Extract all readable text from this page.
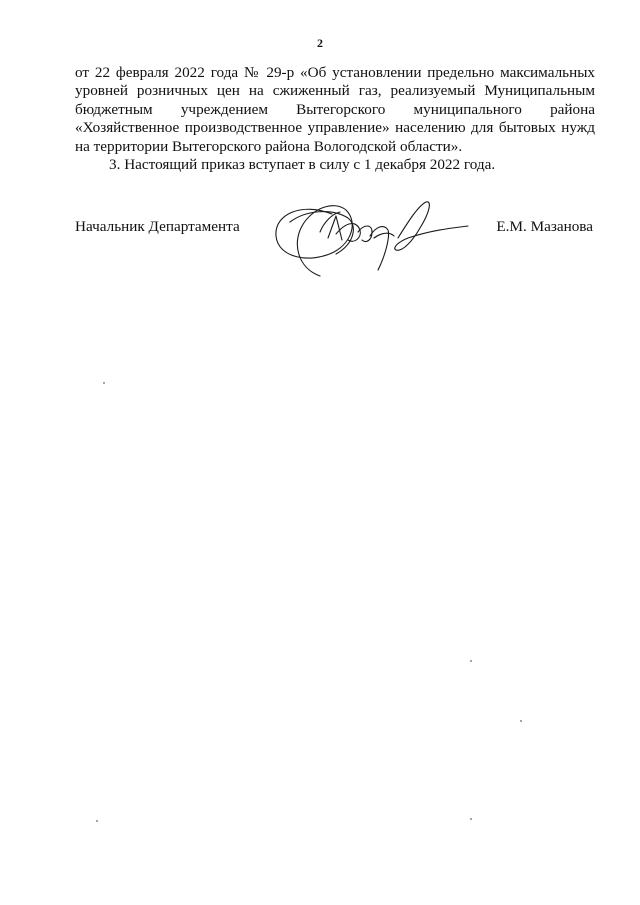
2
от 22 февраля 2022 года № 29-р «Об установлении предельно максимальных
уровней розничных цен на сжиженный газ, реализуемый Муниципальным
бюджетным учреждением Вытегорского муниципального района
«Хозяйственное производственное управление» населению для бытовых нужд
на территории Вытегорского района Вологодской области».
3. Настоящий приказ вступает в силу с 1 декабря 2022 года.
Начальник Департамента	Е.М. Мазанова
